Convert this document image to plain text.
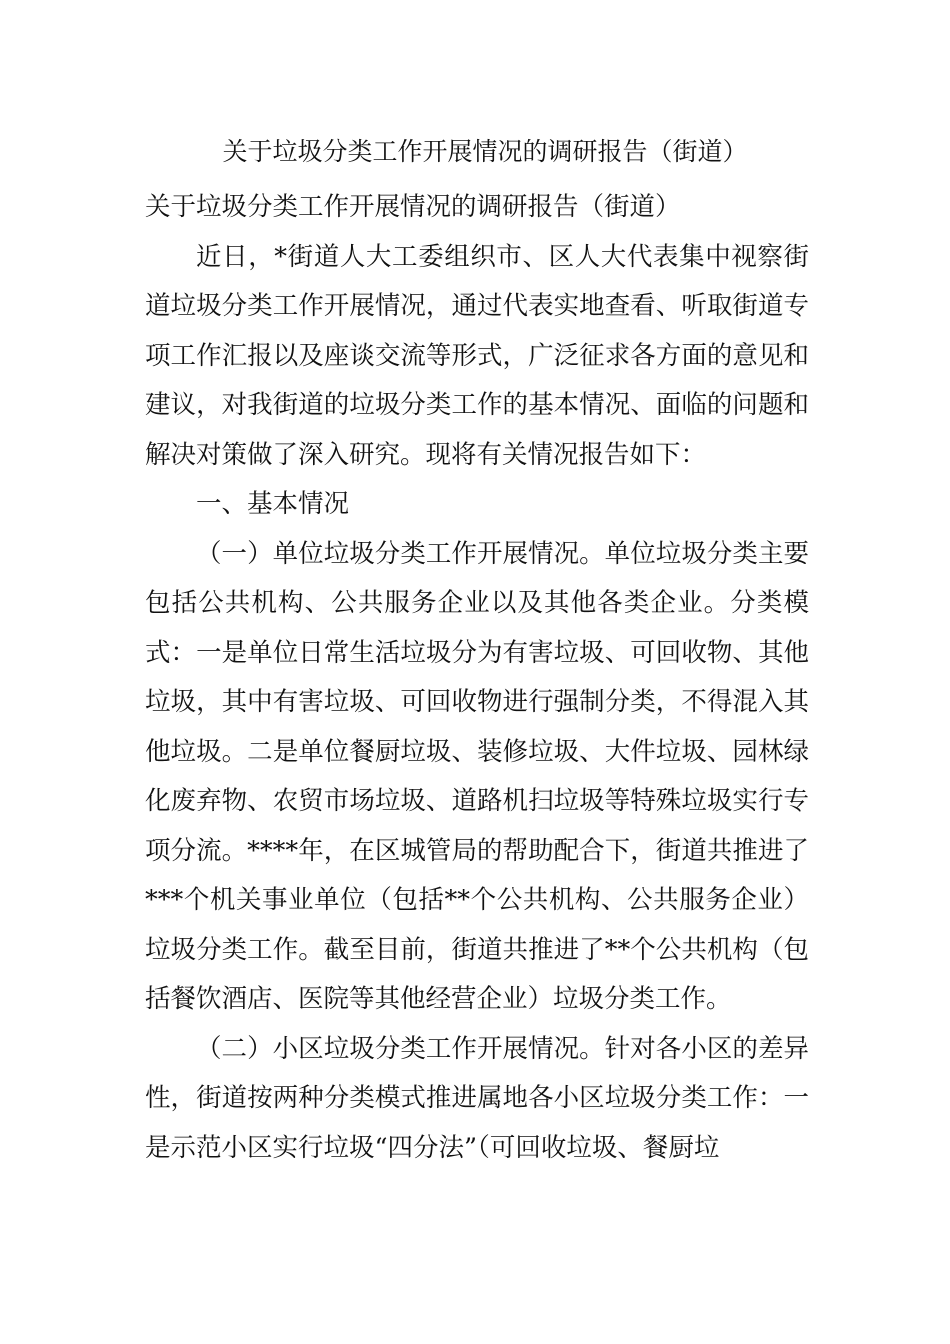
关于垃圾分类工作开展情况的调研报告（街道）

关于垃圾分类工作开展情况的调研报告（街道）

近日，*街道人大工委组织市、区人大代表集中视察街道垃圾分类工作开展情况，通过代表实地查看、听取街道专项工作汇报以及座谈交流等形式，广泛征求各方面的意见和建议，对我街道的垃圾分类工作的基本情况、面临的问题和解决对策做了深入研究。现将有关情况报告如下：

一、基本情况

（一）单位垃圾分类工作开展情况。单位垃圾分类主要包括公共机构、公共服务企业以及其他各类企业。分类模式：一是单位日常生活垃圾分为有害垃圾、可回收物、其他垃圾，其中有害垃圾、可回收物进行强制分类，不得混入其他垃圾。二是单位餐厨垃圾、装修垃圾、大件垃圾、园林绿化废弃物、农贸市场垃圾、道路机扫垃圾等特殊垃圾实行专项分流。****年，在区城管局的帮助配合下，街道共推进了***个机关事业单位（包括**个公共机构、公共服务企业）垃圾分类工作。截至目前，街道共推进了**个公共机构（包括餐饮酒店、医院等其他经营企业）垃圾分类工作。

（二）小区垃圾分类工作开展情况。针对各小区的差异性，街道按两种分类模式推进属地各小区垃圾分类工作：一是示范小区实行垃圾“四分法”（可回收垃圾、餐厨垃
